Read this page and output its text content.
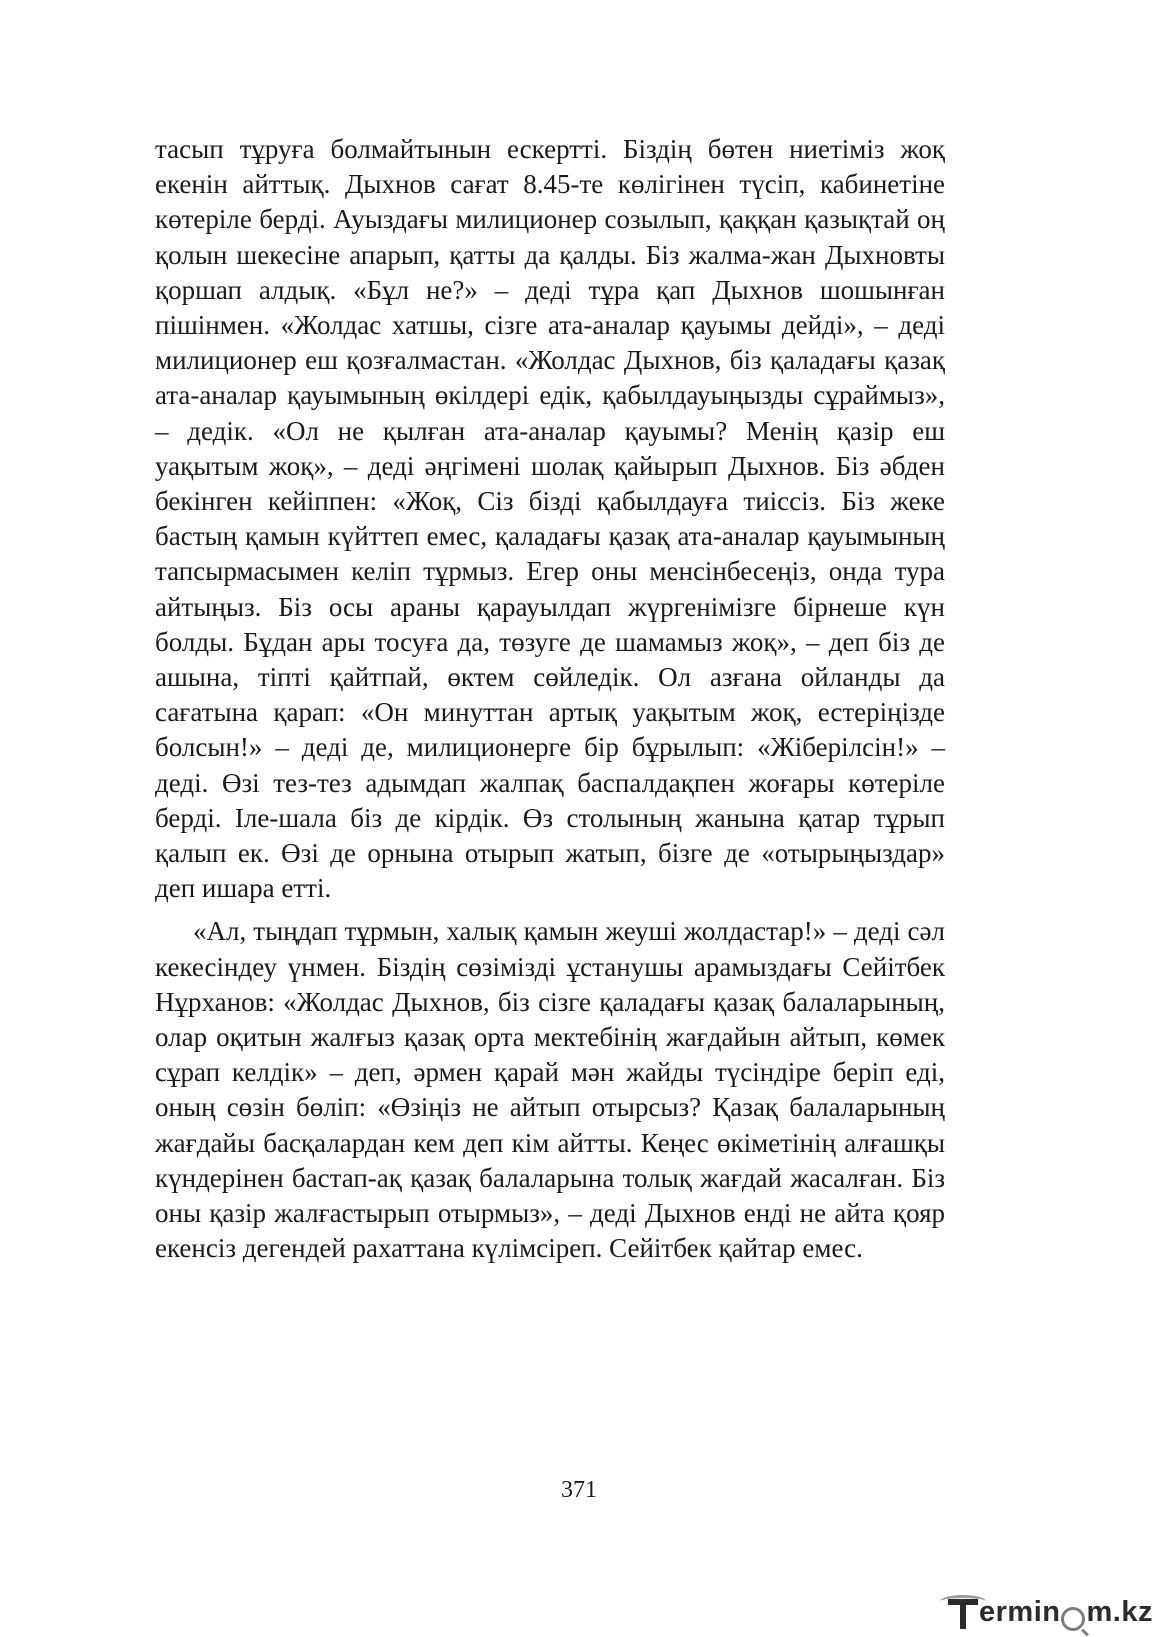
тасып тұруға болмайтынын ескертті. Біздің бөтен ниетіміз жоқ екенін айттық. Дыхнов сағат 8.45-те көлігінен түсіп, кабинетіне көтеріле берді. Ауыздағы милиционер созылып, қаққан қазықтай оң қолын шекесіне апарып, қатты да қалды. Біз жалма-жан Дыхновты қоршап алдық. «Бұл не?» – деді тұра қап Дыхнов шошынған пішінмен. «Жолдас хатшы, сізге ата-аналар қауымы дейді», – деді милиционер еш қозғалмастан. «Жолдас Дыхнов, біз қаладағы қазақ ата-аналар қауымының өкілдері едік, қабылдауыңызды сұраймыз», – дедік. «Ол не қылған ата-аналар қауымы? Менің қазір еш уақытым жоқ», – деді әңгімені шолақ қайырып Дыхнов. Біз әбден бекінген кейіппен: «Жоқ, Сіз бізді қабылдауға тиіссіз. Біз жеке бастың қамын күйттеп емес, қаладағы қазақ ата-аналар қауымының тапсырмасымен келіп тұрмыз. Егер оны менсінбесеңіз, онда тура айтыңыз. Біз осы араны қарауылдап жүргенімізге бірнеше күн болды. Бұдан ары тосуға да, төзуге де шамамыз жоқ», – деп біз де ашына, тіпті қайтпай, өктем сөйледік. Ол азғана ойланды да сағатына қарап: «Он минуттан артық уақытым жоқ, естеріңізде болсын!» – деді де, милиционерге бір бұрылып: «Жіберілсін!» – деді. Өзі тез-тез адымдап жалпақ баспалдақпен жоғары көтеріле берді. Іле-шала біз де кірдік. Өз столының жанына қатар тұрып қалып ек. Өзі де орнына отырып жатып, бізге де «отырыңыздар» деп ишара етті.

«Ал, тыңдап тұрмын, халық қамын жеуші жолдастар!» – деді сәл кекесіндеу үнмен. Біздің сөзімізді ұстанушы арамыздағы Сейітбек Нұрханов: «Жолдас Дыхнов, біз сізге қаладағы қазақ балаларының, олар оқитын жалғыз қазақ орта мектебінің жағдайын айтып, көмек сұрап келдік» – деп, әрмен қарай мән жайды түсіндіре беріп еді, оның сөзін бөліп: «Өзіңіз не айтып отырсыз? Қазақ балаларының жағдайы басқалардан кем деп кім айтты. Кеңес өкіметінің алғашқы күндерінен бастап-ақ қазақ балаларына толық жағдай жасалған. Біз оны қазір жалғастырып отырмыз», – деді Дыхнов енді не айта қояр екенсіз дегендей рахаттана күлімсіреп. Сейітбек қайтар емес.

371
ermin m.kz
